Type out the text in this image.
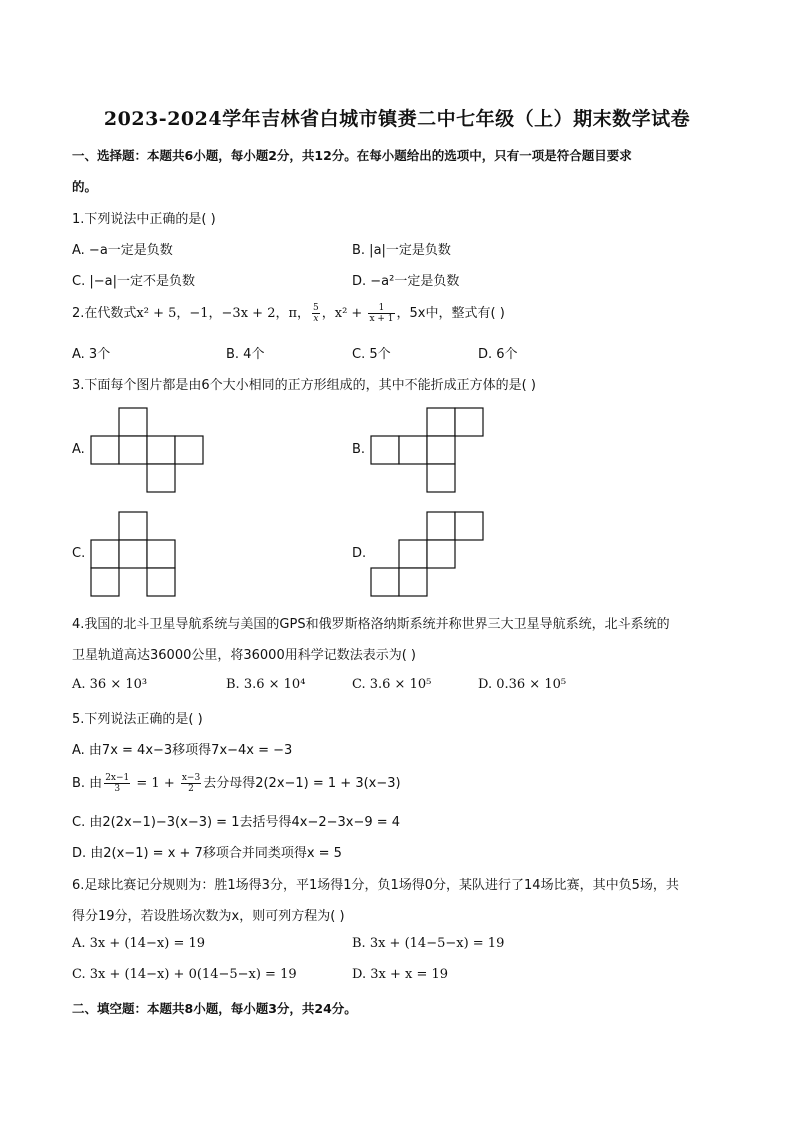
2023-2024学年吉林省白城市镇赉二中七年级（上）期末数学试卷
一、选择题：本题共6小题，每小题2分，共12分。在每小题给出的选项中，只有一项是符合题目要求
的。
1.下列说法中正确的是( )
A. −a一定是负数	B. |a|一定是负数
C. |−a|一定不是负数	D. −a²一定是负数
2.在代数式x² + 5，−1，−3x + 2，π， $\frac{5}{x}$ ，$x^2 + \frac{1}{x + 1}$ ，5x中，整式有( )
A. 3个	B. 4个	C. 5个	D. 6个
3.下面每个图片都是由6个大小相同的正方形组成的，其中不能折成正方体的是( )
A.	B.
C.	D.
4.我国的北斗卫星导航系统与美国的GPS和俄罗斯格洛纳斯系统并称世界三大卫星导航系统，北斗系统的
卫星轨道高达36000公里，将36000用科学记数法表示为( )
A. 36 × 10³	B. 3.6 × 10⁴	C. 3.6 × 10⁵	D. 0.36 × 10⁵
5.下列说法正确的是( )
A. 由7x = 4x−3移项得7x−4x = −3
B. 由 $\frac{2x-1}{3} = 1 + \frac{x-3}{2}$ 去分母得2(2x−1) = 1 + 3(x−3)
C. 由2(2x−1)−3(x−3) = 1去括号得4x−2−3x−9 = 4
D. 由2(x−1) = x + 7移项合并同类项得x = 5
6.足球比赛记分规则为：胜1场得3分，平1场得1分，负1场得0分，某队进行了14场比赛，其中负5场，共
得分19分，若设胜场次数为x，则可列方程为( )
A. 3x + (14−x) = 19	B. 3x + (14−5−x) = 19
C. 3x + (14−x) + 0(14−5−x) = 19	D. 3x + x = 19
二、填空题：本题共8小题，每小题3分，共24分。
